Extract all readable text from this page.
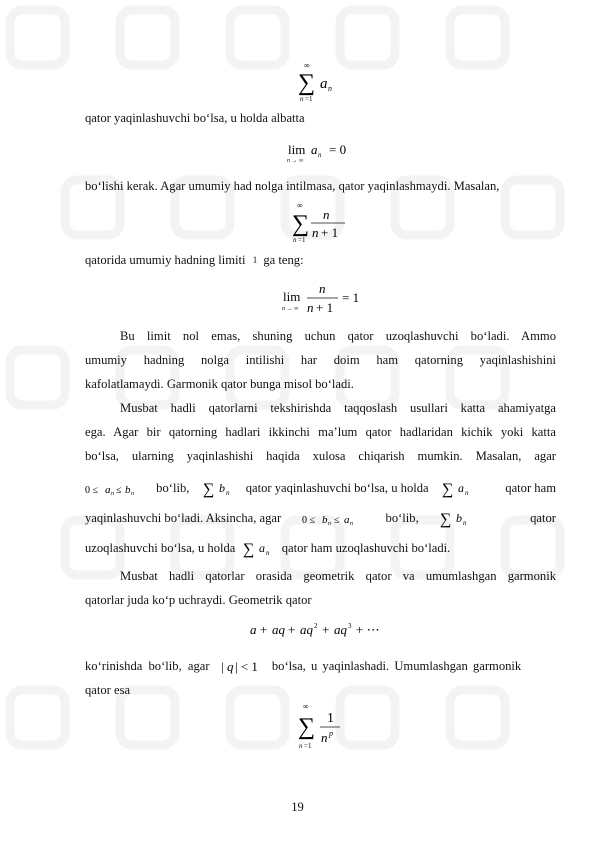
∞
∑ a n
n =1
qator yaqinlashuvchi bo‘lsa, u holda albatta
lim
n → ∞
a n = 0
bo‘lishi kerak. Agar umumiy had nolga intilmasa, qator yaqinlashmaydi. Masalan,
∞
∑ n
n + 1
n =1
qatorida umumiy hadning limiti 1 ga teng:
lim
n → ∞
n
n + 1
= 1
Bu limit nol emas, shuning uchun qator uzoqlashuvchi bo‘ladi. Ammo
umumiy hadning nolga intilishi har doim ham qatorning yaqinlashishini
kafolatlamaydi. Garmonik qator bunga misol bo‘ladi.
Musbat hadli qatorlarni tekshirishda taqqoslash usullari katta ahamiyatga
ega. Agar bir qatorning hadlari ikkinchi ma’lum qator hadlaridan kichik yoki katta
bo‘lsa, ularning yaqinlashishi haqida xulosa chiqarish mumkin. Masalan, agar
0 ≤ a n ≤ b n bo‘lib, ∑ b n qator yaqinlashuvchi bo‘lsa, u holda ∑ a n	qator ham
yaqinlashuvchi bo‘ladi. Aksincha, agar 0 ≤ b n ≤ a n	bo‘lib, ∑ b n	qator
uzoqlashuvchi bo‘lsa, u holda ∑ a n qator ham uzoqlashuvchi bo‘ladi.
Musbat hadli qatorlar orasida geometrik qator va umumlashgan garmonik
qatorlar juda ko‘p uchraydi. Geometrik qator
a + aq + aq 2 + aq 3 + ⋯
ko‘rinishda bo‘lib, agar | q | < 1 bo‘lsa, u yaqinlashadi. Umumlashgan garmonik
qator esa
∞
∑ 1
n p
n =1
19
